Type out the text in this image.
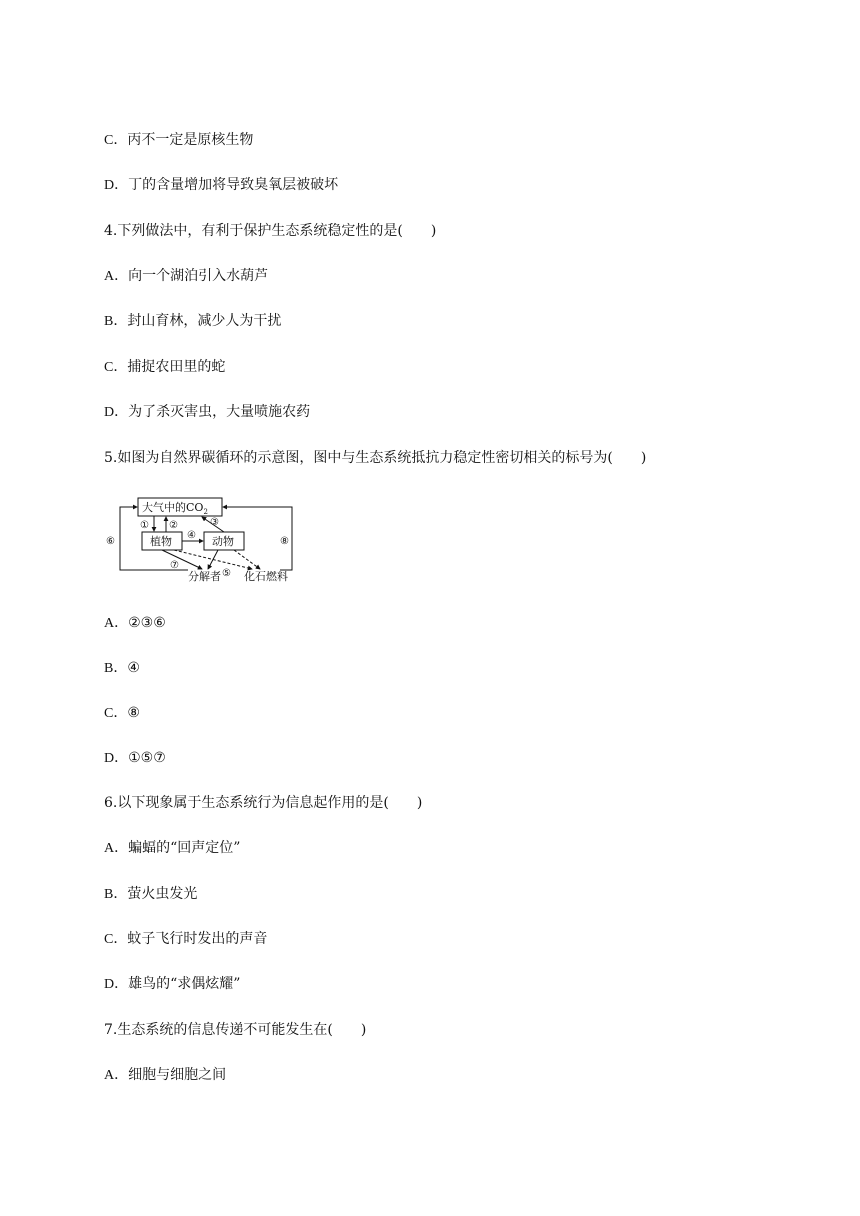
C．丙不一定是原核生物
D．丁的含量增加将导致臭氧层被破坏
4.下列做法中，有利于保护生态系统稳定性的是(　　)
A．向一个湖泊引入水葫芦
B．封山育林，减少人为干扰
C．捕捉农田里的蛇
D．为了杀灭害虫，大量喷施农药
5.如图为自然界碳循环的示意图，图中与生态系统抵抗力稳定性密切相关的标号为(　　)
大气中的$CO_2$
植物	动物
分解者 化石燃料
① ②	③
④
⑥	⑧
⑦
⑤
A．②③⑥
B．④
C．⑧
D．①⑤⑦
6.以下现象属于生态系统行为信息起作用的是(　　)
A．蝙蝠的“回声定位”
B．萤火虫发光
C．蚊子飞行时发出的声音
D．雄鸟的“求偶炫耀”
7.生态系统的信息传递不可能发生在(　　)
A．细胞与细胞之间
